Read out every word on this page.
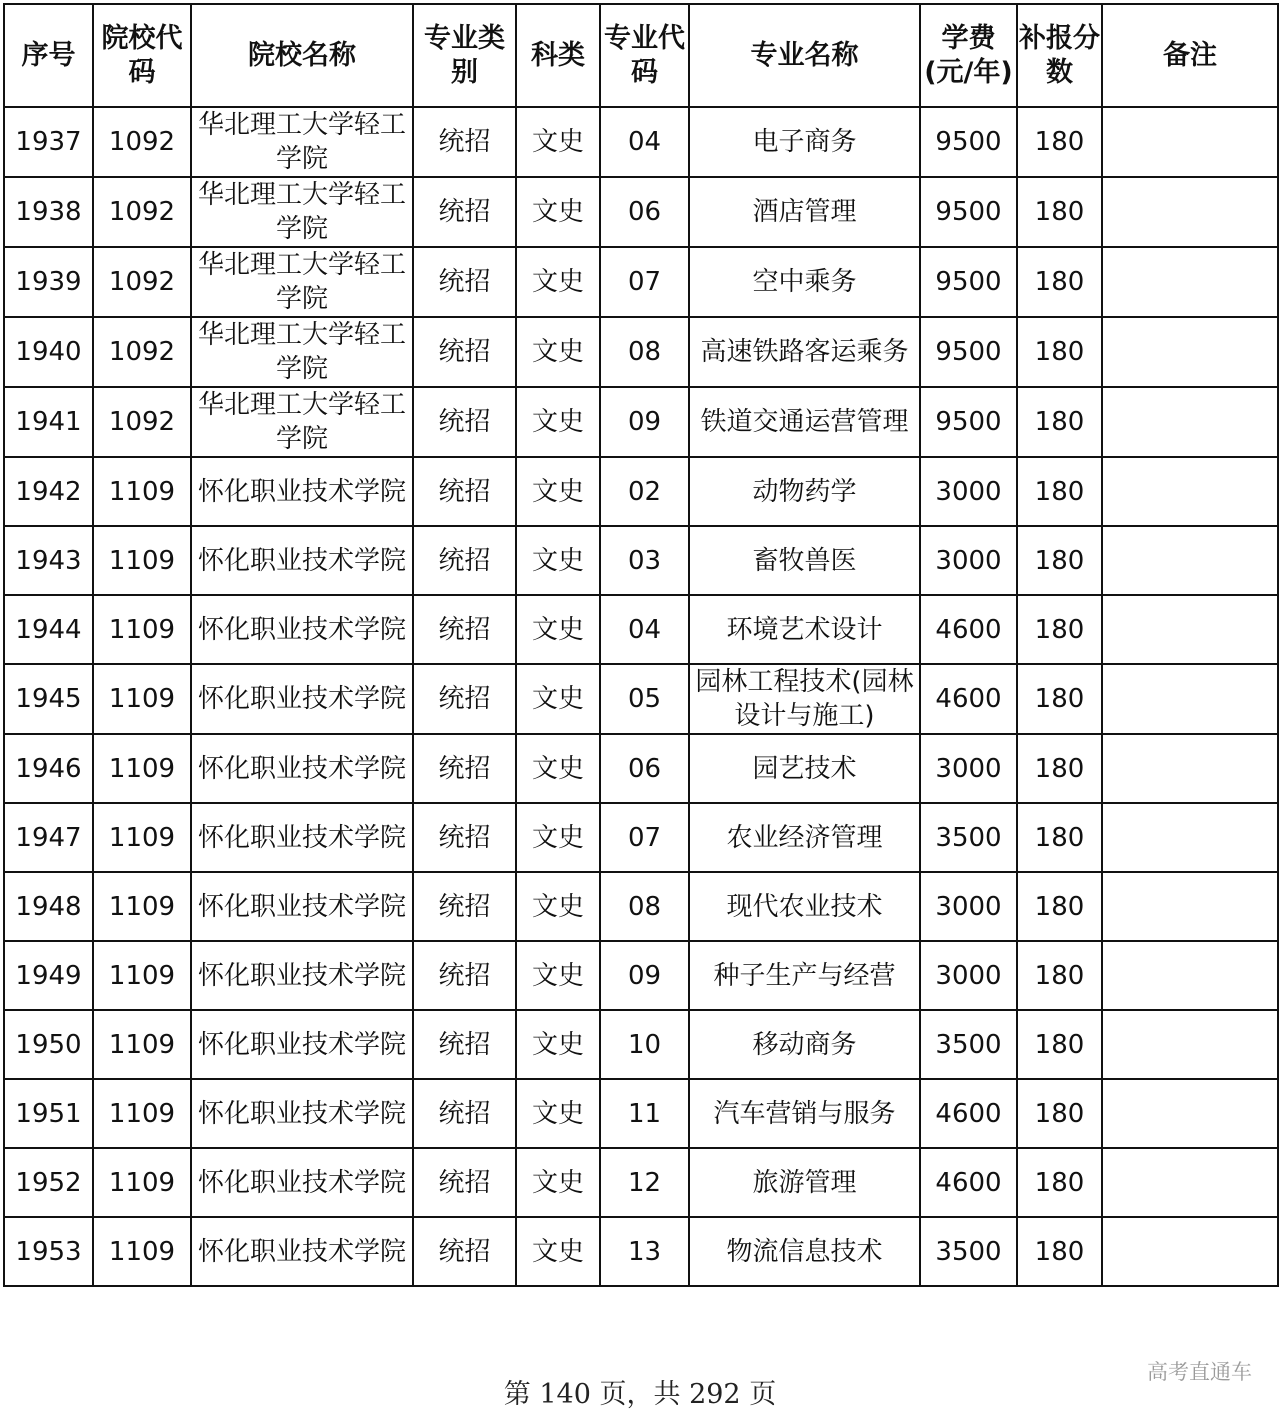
序号	院校代码	院校名称	专业类别	科类	专业代码	专业名称	学费(元/年)	补报分数	备注
1937	1092	华北理工大学轻工学院	统招	文史	04	电子商务	9500	180	
1938	1092	华北理工大学轻工学院	统招	文史	06	酒店管理	9500	180	
1939	1092	华北理工大学轻工学院	统招	文史	07	空中乘务	9500	180	
1940	1092	华北理工大学轻工学院	统招	文史	08	高速铁路客运乘务	9500	180	
1941	1092	华北理工大学轻工学院	统招	文史	09	铁道交通运营管理	9500	180	
1942	1109	怀化职业技术学院	统招	文史	02	动物药学	3000	180	
1943	1109	怀化职业技术学院	统招	文史	03	畜牧兽医	3000	180	
1944	1109	怀化职业技术学院	统招	文史	04	环境艺术设计	4600	180	
1945	1109	怀化职业技术学院	统招	文史	05	园林工程技术(园林设计与施工)	4600	180	
1946	1109	怀化职业技术学院	统招	文史	06	园艺技术	3000	180	
1947	1109	怀化职业技术学院	统招	文史	07	农业经济管理	3500	180	
1948	1109	怀化职业技术学院	统招	文史	08	现代农业技术	3000	180	
1949	1109	怀化职业技术学院	统招	文史	09	种子生产与经营	3000	180	
1950	1109	怀化职业技术学院	统招	文史	10	移动商务	3500	180	
1951	1109	怀化职业技术学院	统招	文史	11	汽车营销与服务	4600	180	
1952	1109	怀化职业技术学院	统招	文史	12	旅游管理	4600	180	
1953	1109	怀化职业技术学院	统招	文史	13	物流信息技术	3500	180	
第 140 页，共 292 页
高考直通车
